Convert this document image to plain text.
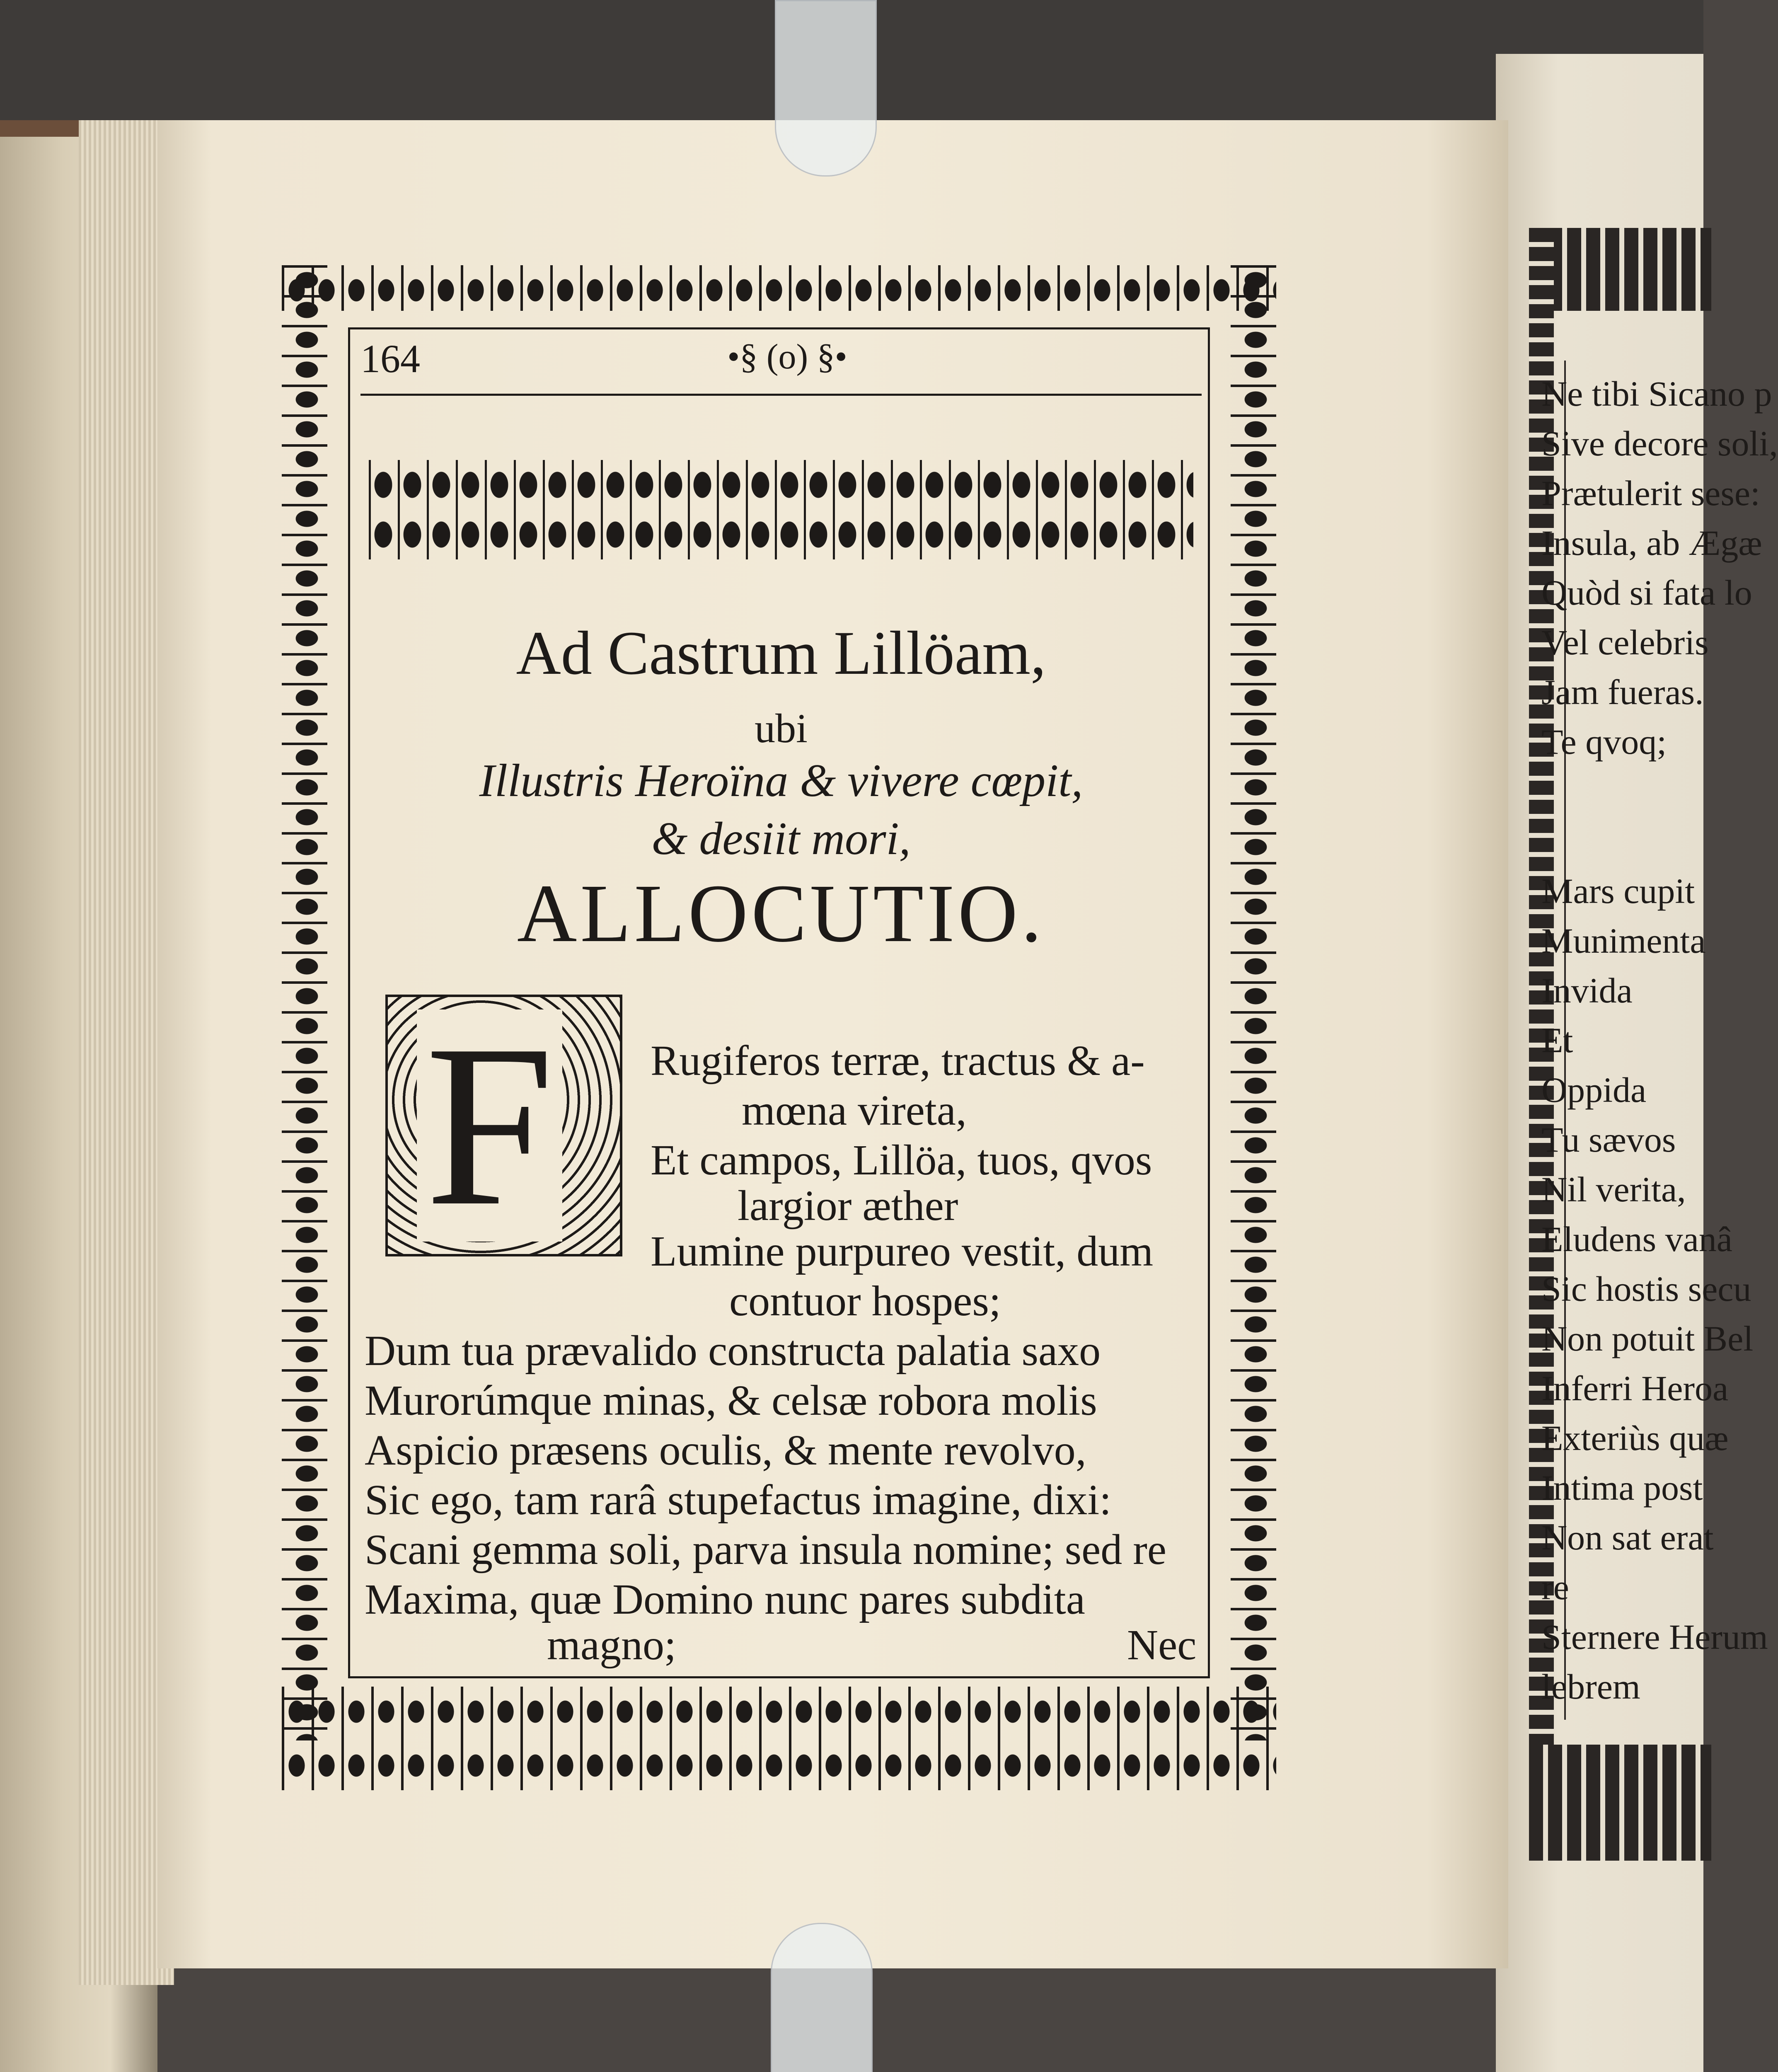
Ne tibi Sicano p
Sive decore soli,
Prætulerit sese:
Insula, ab Ægæ
Quòd si fata lo
Vel celebris
Jam fueras.
Te qvoq;
Mars cupit
Munimenta
Invida
Et
Oppida
Tu sævos
Nil verita,
Eludens vanâ
Sic hostis secu
Non potuit Bel
Inferri Heroa
Exteriùs quæ
Intima post
Non sat erat
re
Sternere Herum
lebrem
164	•§ (o) §•
Ad Castrum Lillöam,
ubi
Illustris Heroïna & vivere cœpit,
& desiit mori,
ALLOCUTIO.
F Rugiferos terræ, tractus & a-
mœna vireta,
Et campos, Lillöa, tuos, qvos
largior æther
Lumine purpureo vestit, dum
contuor hospes;
Dum tua prævalido constructa palatia saxo
Murorúmque minas, & celsæ robora molis
Aspicio præsens oculis, & mente revolvo,
Sic ego, tam rarâ stupefactus imagine, dixi:
Scani gemma soli, parva insula nomine; sed re
Maxima, quæ Domino nunc pares subdita
magno;	Nec
